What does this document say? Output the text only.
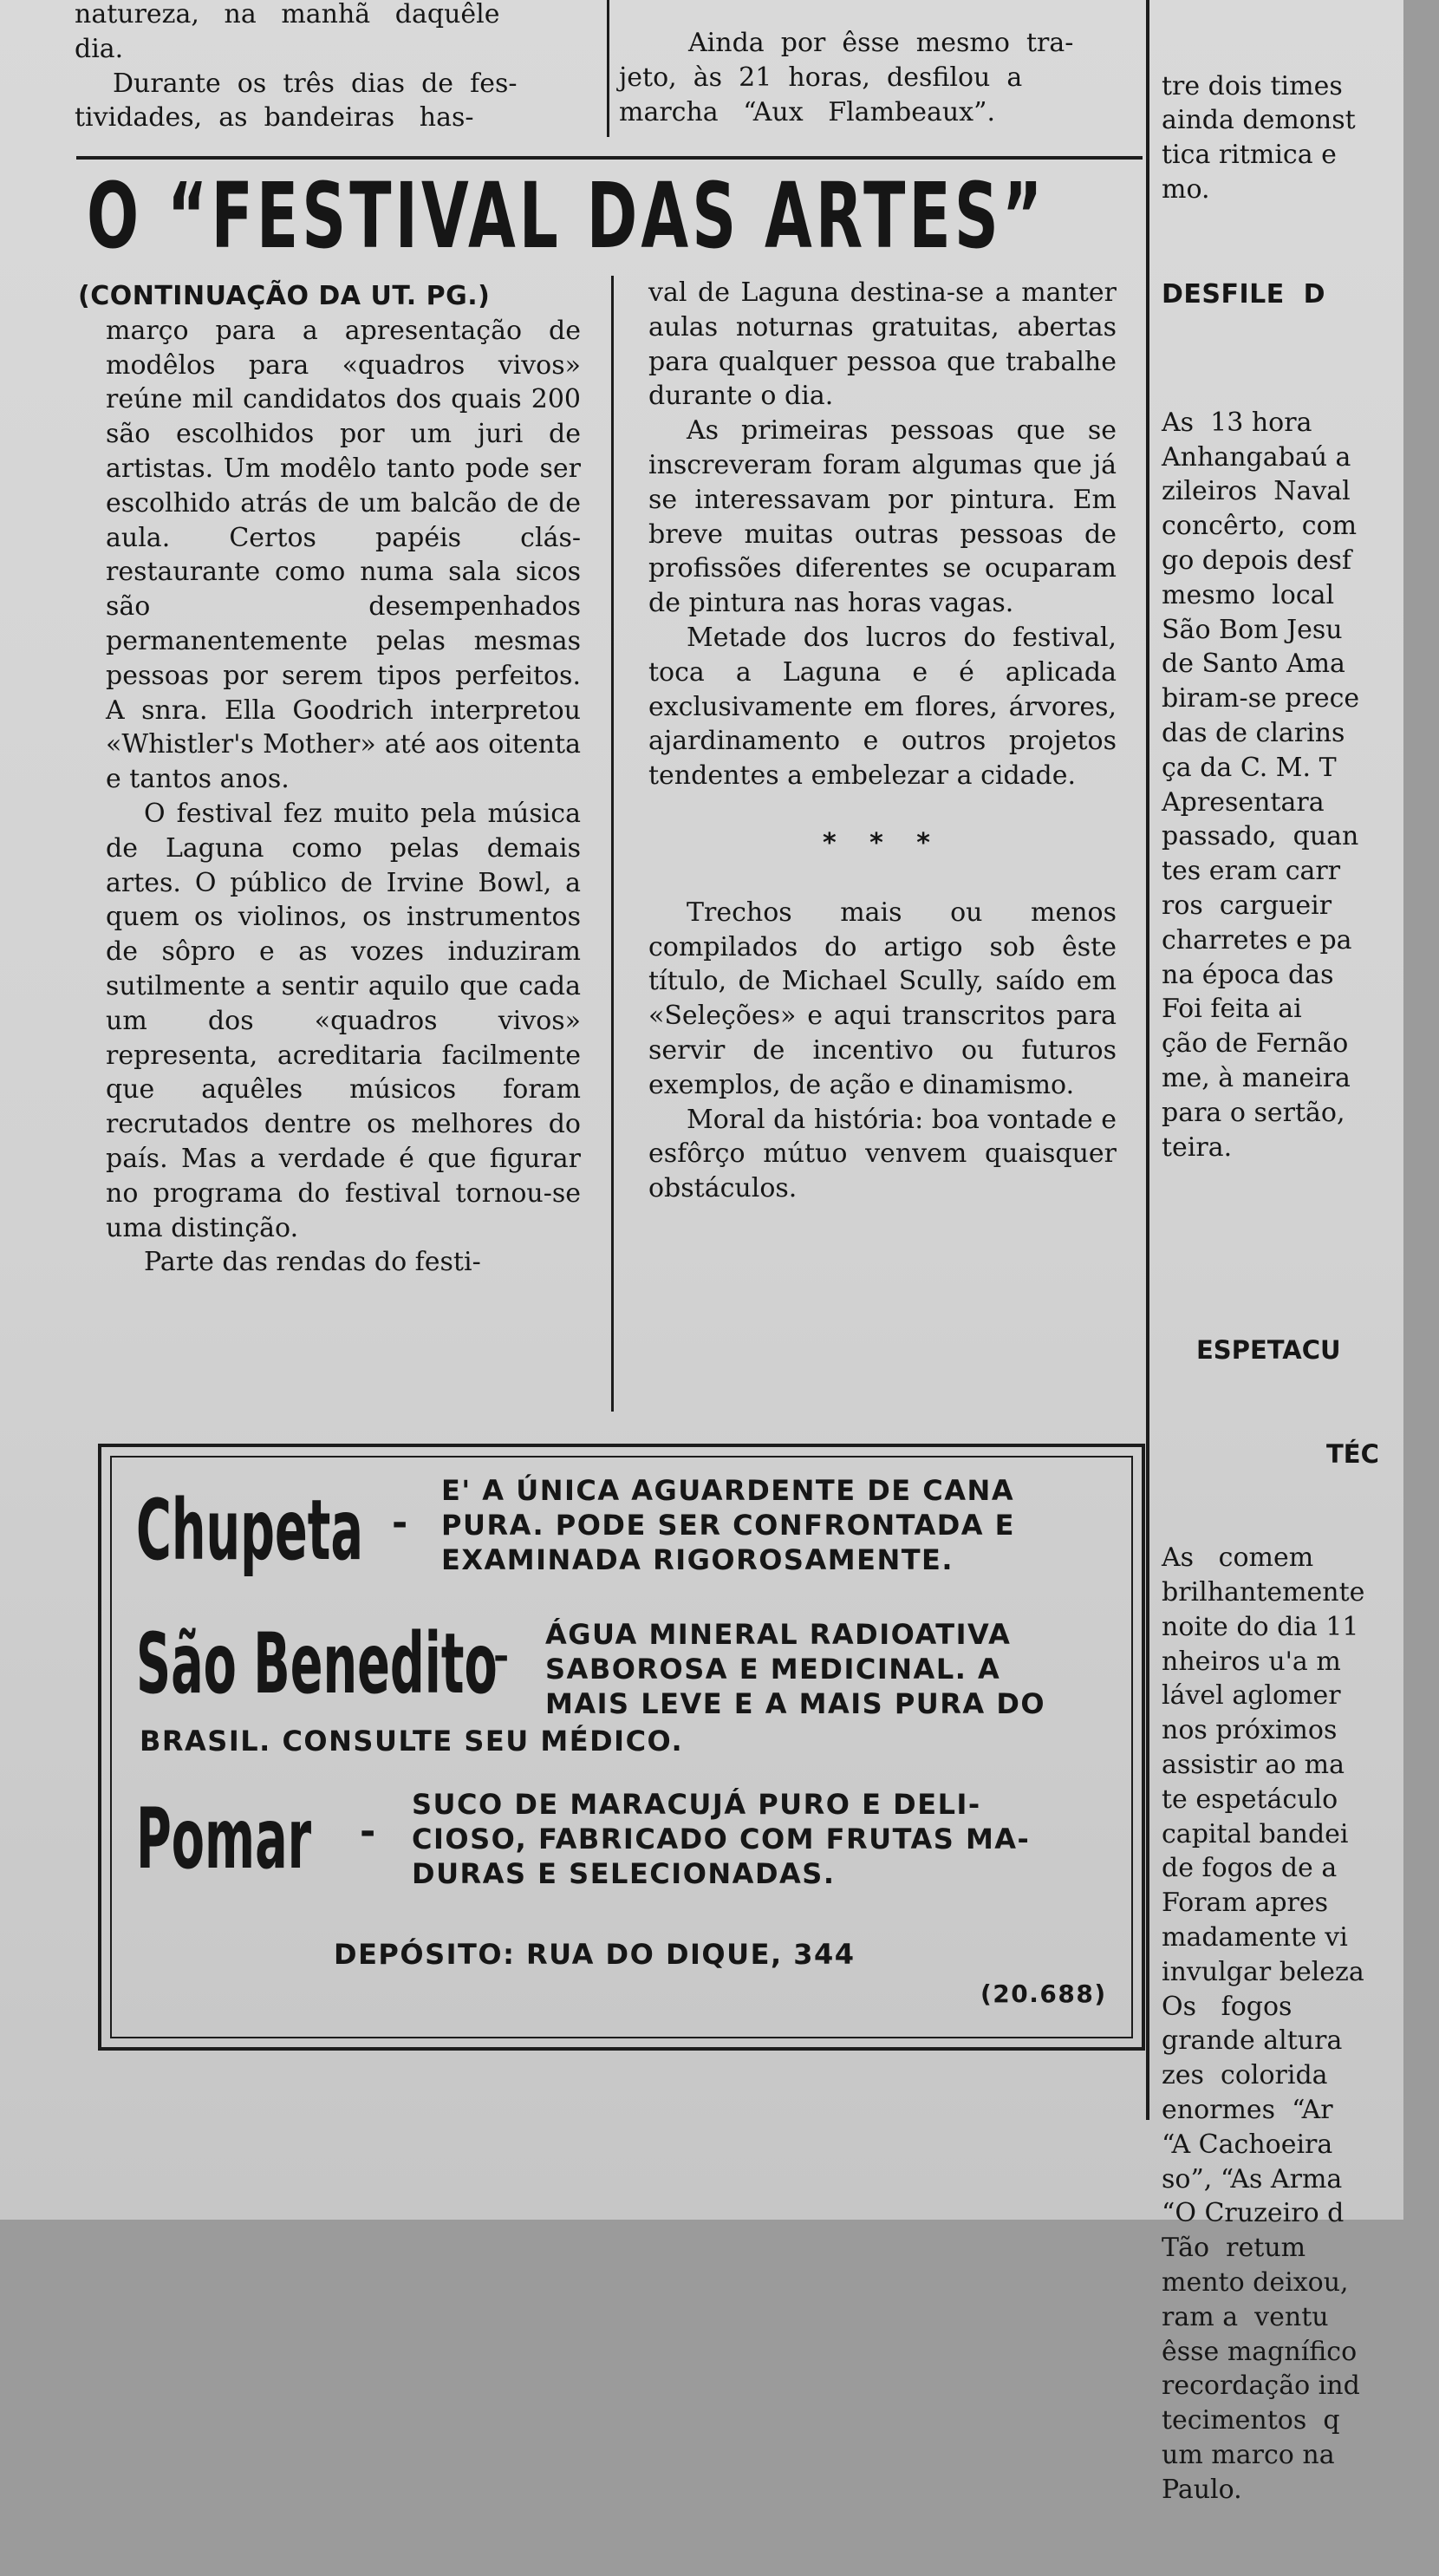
natureza,   na   manhã   daquêle

dia.

Durante  os  três  dias  de  fes-

tividades,  as  bandeiras   has-

Ainda  por  êsse  mesmo  tra-

jeto,  às  21  horas,  desfilou  a

marcha   “Aux   Flambeaux”.

O “FESTIVAL DAS ARTES”

(CONTINUAÇÃO DA UT. PG.)

março para a apresentação de modêlos para «quadros vivos» reúne mil candidatos dos quais 200 são escolhidos por um juri de artistas. Um modêlo tanto pode ser escolhido atrás de um balcão de de aula. Certos papéis clás- restaurante como numa sala sicos são desempenhados permanentemente pelas mesmas pessoas por serem tipos perfeitos. A snra. Ella Goodrich interpretou «Whistler's Mother» até aos oitenta e tantos anos.

O festival fez muito pela música de Laguna como pelas demais artes. O público de Irvine Bowl, a quem os violinos, os instrumentos de sôpro e as vozes induziram sutilmente a sentir aquilo que cada um dos «quadros vivos» representa, acreditaria facilmente que aquêles músicos foram recrutados dentre os melhores do país. Mas a verdade é que figurar no programa do festival tornou-se uma distinção.

Parte das rendas do festi-

val de Laguna destina-se a manter aulas noturnas gratuitas, abertas para qualquer pessoa que trabalhe durante o dia.

As primeiras pessoas que se inscreveram foram algumas que já se interessavam por pintura. Em breve muitas outras pessoas de profissões diferentes se ocuparam de pintura nas horas vagas.

Metade dos lucros do festival, toca a Laguna e é aplicada exclusivamente em flores, árvores, ajardinamento e outros projetos tendentes a embelezar a cidade.

* * *

Trechos mais ou menos compilados do artigo sob êste título, de Michael Scully, saído em «Seleções» e aqui transcritos para servir de incentivo ou futuros exemplos, de ação e dinamismo.

Moral da história: boa vontade e esfôrço mútuo venvem quaisquer obstáculos.

tre dois times

ainda demonst

tica ritmica e

mo.

DESFILE  D

As  13 hora

Anhangabaú a

zileiros  Naval

concêrto,  com

go depois desf

mesmo  local

São Bom Jesu

de Santo Ama

biram-se prece

das de clarins

ça da C. M. T

Apresentara

passado,  quan

tes eram carr

ros  cargueir

charretes e pa

na época das

Foi feita ai

ção de Fernão

me, à maneira

para o sertão,

teira.

ESPETACU

TÉC

As   comem

brilhantemente

noite do dia 11

nheiros u'a m

lável aglomer

nos próximos

assistir ao ma

te espetáculo

capital bandei

de fogos de a

Foram apres

madamente vi

invulgar beleza

Os   fogos

grande altura

zes  colorida

enormes  “Ar

“A Cachoeira

so”, “As Arma

“O Cruzeiro d

Tão  retum

mento deixou,

ram a  ventu

êsse magnífico

recordação ind

tecimentos  q

um marco na

Paulo.

Chupeta -
E' A ÚNICA AGUARDENTE DE CANA
PURA. PODE SER CONFRONTADA E
EXAMINADA RIGOROSAMENTE.
São Benedito
- ÁGUA MINERAL RADIOATIVA
SABOROSA E MEDICINAL. A
MAIS LEVE E A MAIS PURA DO
BRASIL. CONSULTE SEU MÉDICO.
Pomar -
SUCO DE MARACUJÁ PURO E DELI-
CIOSO, FABRICADO COM FRUTAS MA-
DURAS E SELECIONADAS.
DEPÓSITO: RUA DO DIQUE, 344
(20.688)
